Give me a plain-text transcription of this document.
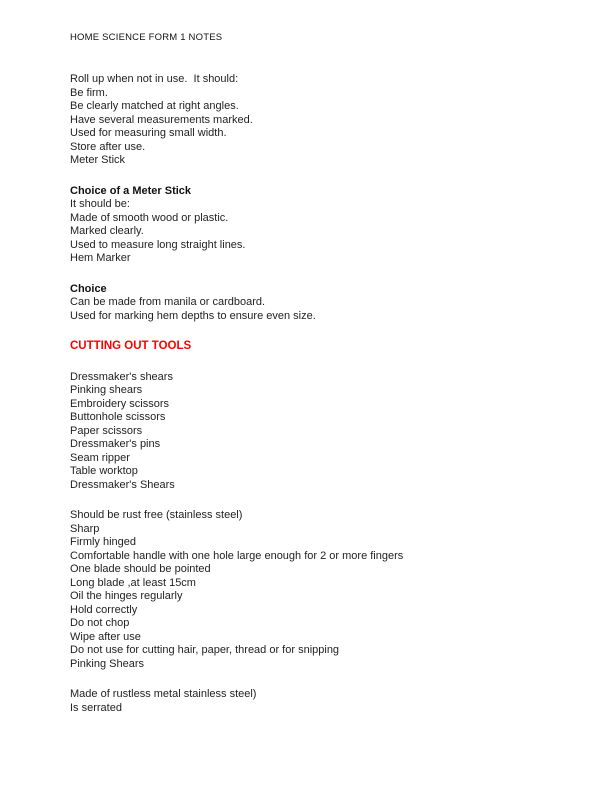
HOME SCIENCE FORM 1 NOTES
Roll up when not in use.  It should:
Be firm.
Be clearly matched at right angles.
Have several measurements marked.
Used for measuring small width.
Store after use.
Meter Stick
Choice of a Meter Stick
It should be:
Made of smooth wood or plastic.
Marked clearly.
Used to measure long straight lines.
Hem Marker
Choice
Can be made from manila or cardboard.
Used for marking hem depths to ensure even size.
CUTTING OUT TOOLS
Dressmaker's shears
Pinking shears
Embroidery scissors
Buttonhole scissors
Paper scissors
Dressmaker's pins
Seam ripper
Table worktop
Dressmaker's Shears
Should be rust free (stainless steel)
Sharp
Firmly hinged
Comfortable handle with one hole large enough for 2 or more fingers
One blade should be pointed
Long blade ,at least 15cm
Oil the hinges regularly
Hold correctly
Do not chop
Wipe after use
Do not use for cutting hair, paper, thread or for snipping
Pinking Shears
Made of rustless metal stainless steel)
Is serrated
